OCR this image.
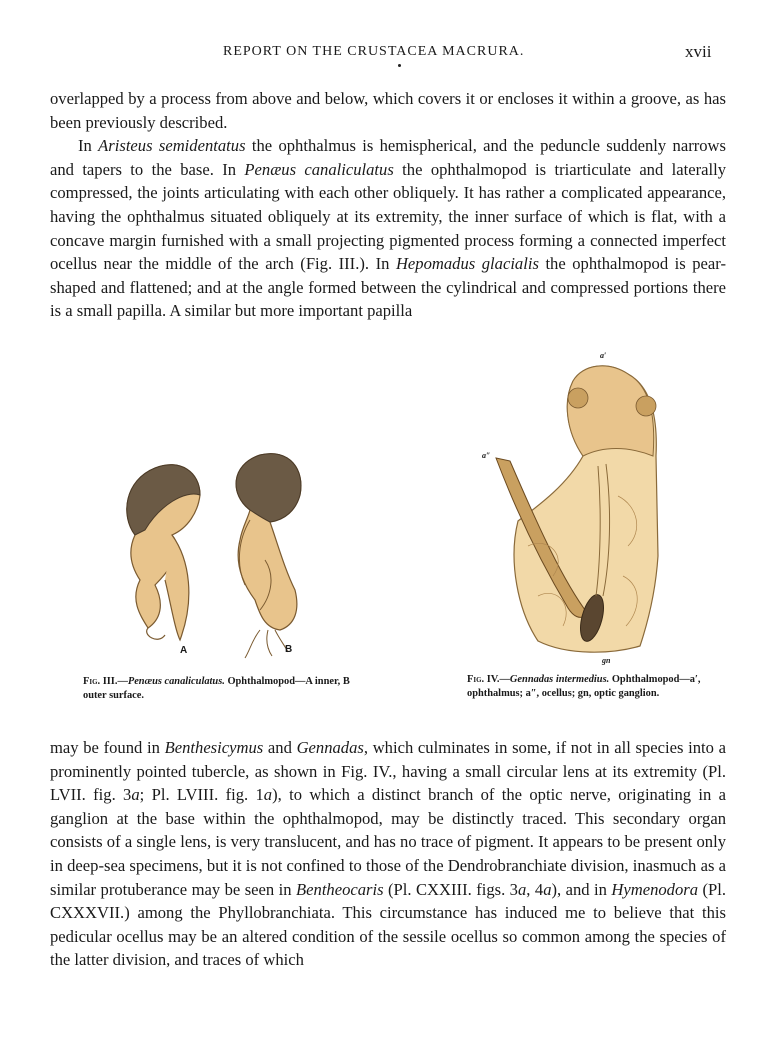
REPORT ON THE CRUSTACEA MACRURA.	xvii

overlapped by a process from above and below, which covers it or encloses it within a groove, as has been previously described.
In Aristeus semidentatus the ophthalmus is hemispherical, and the peduncle suddenly narrows and tapers to the base. In Penæus canaliculatus the ophthalmopod is triarticulate and laterally compressed, the joints articulating with each other obliquely. It has rather a complicated appearance, having the ophthalmus situated obliquely at its extremity, the inner surface of which is flat, with a concave margin furnished with a small projecting pigmented process forming a connected imperfect ocellus near the middle of the arch (Fig. III.). In Hepomadus glacialis the ophthalmopod is pear-shaped and flattened; and at the angle formed between the cylindrical and compressed portions there is a small papilla. A similar but more important papilla

A	B
Fig. III.—Penæus canaliculatus. Ophthalmopod—A inner, B outer surface.
a′
a″
gn
Fig. IV.—Gennadas intermedius. Ophthalmopod—a′, ophthalmus; a″, ocellus; gn, optic ganglion.

may be found in Benthesicymus and Gennadas, which culminates in some, if not in all species into a prominently pointed tubercle, as shown in Fig. IV., having a small circular lens at its extremity (Pl. LVII. fig. 3a; Pl. LVIII. fig. 1a), to which a distinct branch of the optic nerve, originating in a ganglion at the base within the ophthalmopod, may be distinctly traced. This secondary organ consists of a single lens, is very translucent, and has no trace of pigment. It appears to be present only in deep-sea specimens, but it is not confined to those of the Dendrobranchiate division, inasmuch as a similar protuberance may be seen in Bentheocaris (Pl. CXXIII. figs. 3a, 4a), and in Hymenodora (Pl. CXXXVII.) among the Phyllobranchiata. This circumstance has induced me to believe that this pedicular ocellus may be an altered condition of the sessile ocellus so common among the species of the latter division, and traces of which
